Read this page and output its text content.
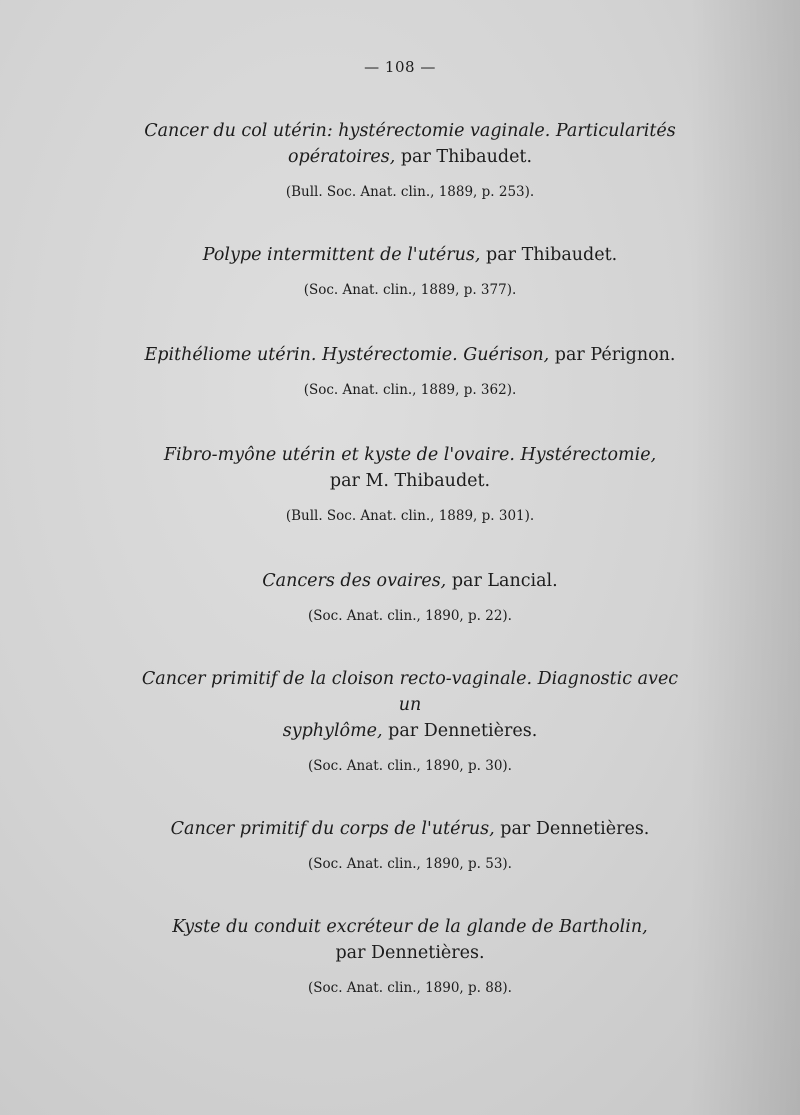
— 108 —

Cancer du col utérin: hystérectomie vaginale. Particularités
opératoires, par Thibaudet.

(Bull. Soc. Anat. clin., 1889, p. 253).

Polype intermittent de l'utérus, par Thibaudet.

(Soc. Anat. clin., 1889, p. 377).

Epithéliome utérin. Hystérectomie. Guérison, par Pérignon.

(Soc. Anat. clin., 1889, p. 362).

Fibro-myône utérin et kyste de l'ovaire. Hystérectomie,
par M. Thibaudet.

(Bull. Soc. Anat. clin., 1889, p. 301).

Cancers des ovaires, par Lancial.

(Soc. Anat. clin., 1890, p. 22).

Cancer primitif de la cloison recto-vaginale. Diagnostic avec un
syphylôme, par Dennetières.

(Soc. Anat. clin., 1890, p. 30).

Cancer primitif du corps de l'utérus, par Dennetières.

(Soc. Anat. clin., 1890, p. 53).

Kyste du conduit excréteur de la glande de Bartholin,
par Dennetières.

(Soc. Anat. clin., 1890, p. 88).
